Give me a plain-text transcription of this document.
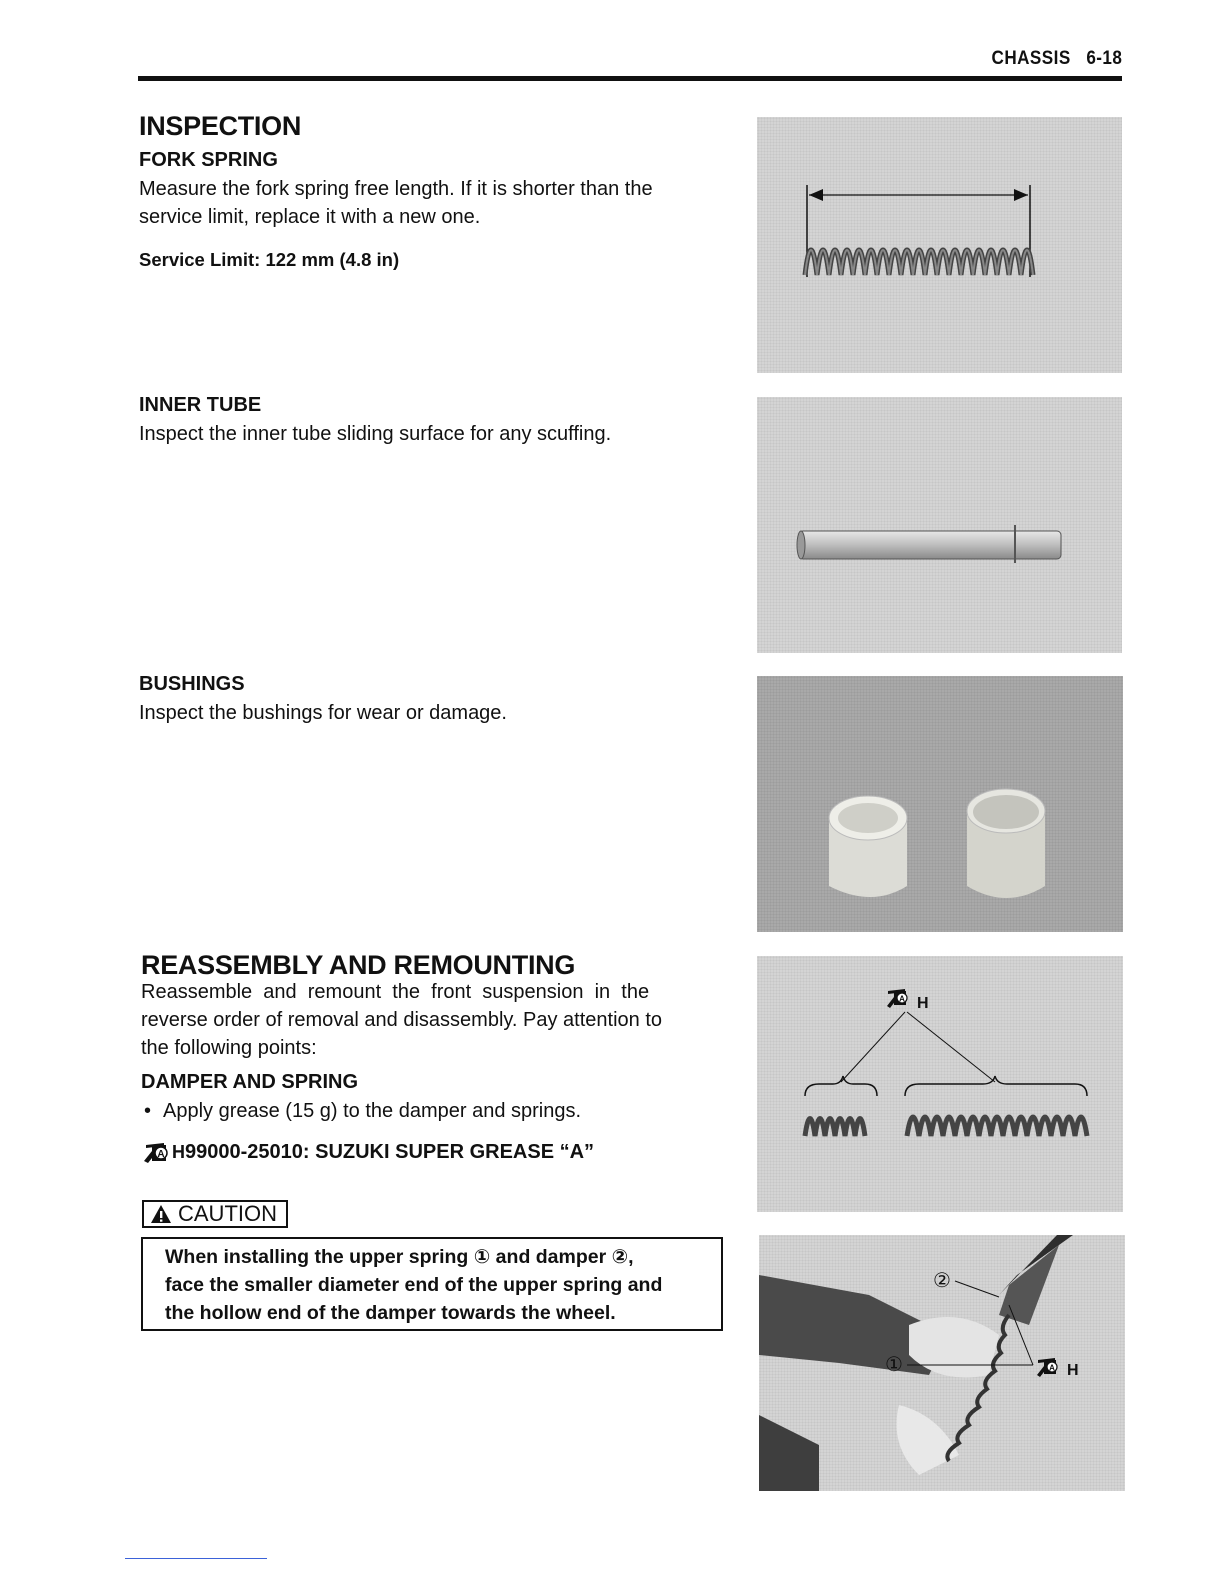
CHASSIS 6-18
INSPECTION
FORK SPRING
Measure the fork spring free length. If it is shorter than the
service limit, replace it with a new one.
Service Limit: 122 mm (4.8 in)
INNER TUBE
Inspect the inner tube sliding surface for any scuffing.
BUSHINGS
Inspect the bushings for wear or damage.
REASSEMBLY AND REMOUNTING
Reassemble  and  remount  the  front  suspension  in  the
reverse order of removal and disassembly. Pay attention to
the following points:
DAMPER AND SPRING
• Apply grease (15 g) to the damper and springs.
A H 99000-25010: SUZUKI SUPER GREASE “A”
CAUTION
When installing the upper spring ① and damper ②,
face the smaller diameter end of the upper spring and
the hollow end of the damper towards the wheel.
A H
②
①	A H
